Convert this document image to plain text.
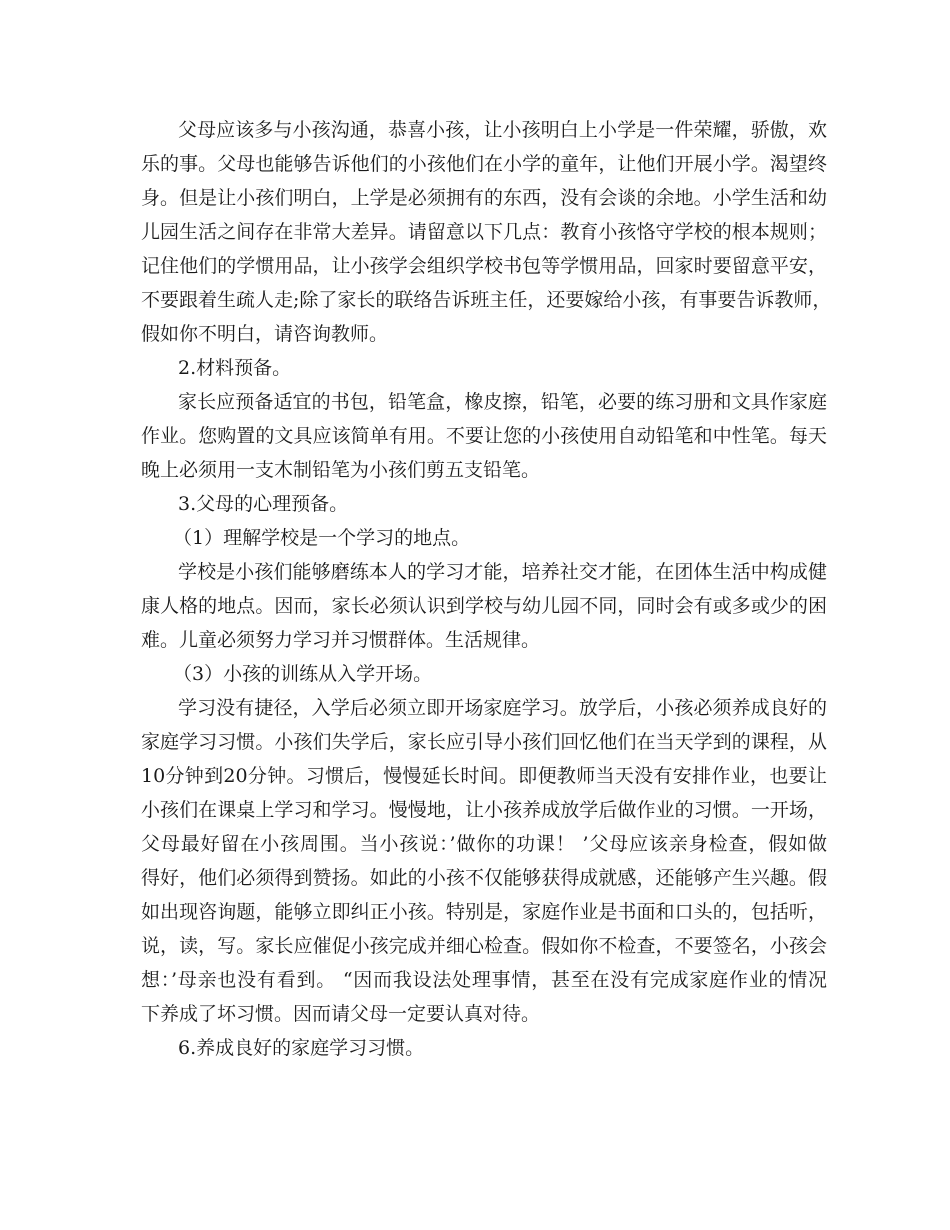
父母应该多与小孩沟通，恭喜小孩，让小孩明白上小学是一件荣耀，骄傲，欢
乐的事。父母也能够告诉他们的小孩他们在小学的童年，让他们开展小学。渴望终
身。但是让小孩们明白，上学是必须拥有的东西，没有会谈的余地。小学生活和幼
儿园生活之间存在非常大差异。请留意以下几点：教育小孩恪守学校的根本规则；
记住他们的学惯用品，让小孩学会组织学校书包等学惯用品，回家时要留意平安，
不要跟着生疏人走;除了家长的联络告诉班主任，还要嫁给小孩，有事要告诉教师，
假如你不明白，请咨询教师。
2.材料预备。
家长应预备适宜的书包，铅笔盒，橡皮擦，铅笔，必要的练习册和文具作家庭
作业。您购置的文具应该简单有用。不要让您的小孩使用自动铅笔和中性笔。每天
晚上必须用一支木制铅笔为小孩们剪五支铅笔。
3.父母的心理预备。
（1）理解学校是一个学习的地点。
学校是小孩们能够磨练本人的学习才能，培养社交才能，在团体生活中构成健
康人格的地点。因而，家长必须认识到学校与幼儿园不同，同时会有或多或少的困
难。儿童必须努力学习并习惯群体。生活规律。
（3）小孩的训练从入学开场。
学习没有捷径，入学后必须立即开场家庭学习。放学后，小孩必须养成良好的
家庭学习习惯。小孩们失学后，家长应引导小孩们回忆他们在当天学到的课程，从
10分钟到20分钟。习惯后，慢慢延长时间。即便教师当天没有安排作业，也要让
小孩们在课桌上学习和学习。慢慢地，让小孩养成放学后做作业的习惯。一开场，
父母最好留在小孩周围。当小孩说：’做你的功课！ ’父母应该亲身检查，假如做
得好，他们必须得到赞扬。如此的小孩不仅能够获得成就感，还能够产生兴趣。假
如出现咨询题，能够立即纠正小孩。特别是，家庭作业是书面和口头的，包括听，
说，读，写。家长应催促小孩完成并细心检查。假如你不检查，不要签名，小孩会
想：’母亲也没有看到。 “因而我设法处理事情，甚至在没有完成家庭作业的情况
下养成了坏习惯。因而请父母一定要认真对待。
6.养成良好的家庭学习习惯。
